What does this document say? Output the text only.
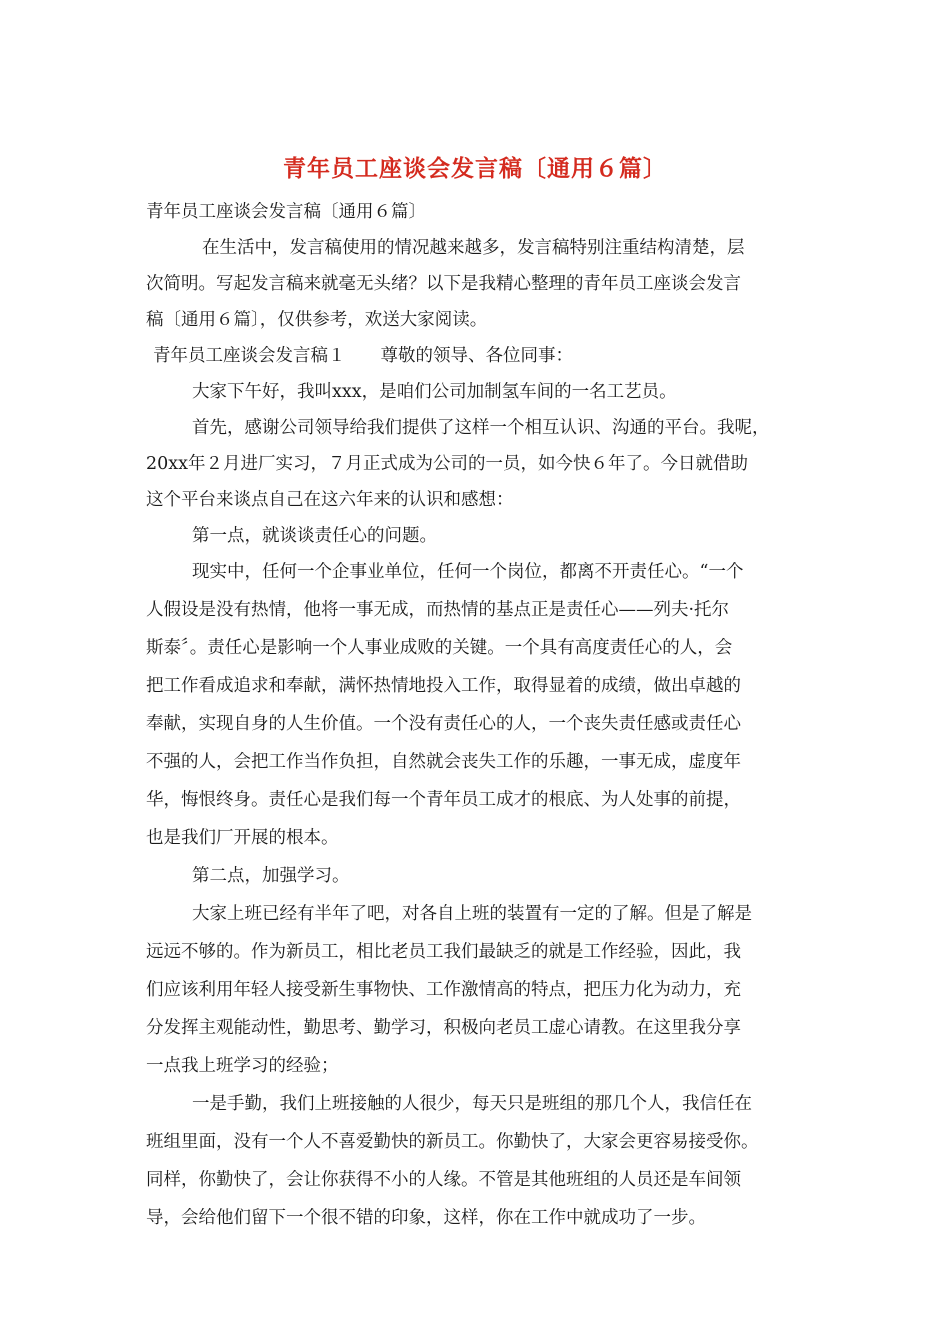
青年员工座谈会发言稿〔通用６篇〕
青年员工座谈会发言稿〔通用６篇〕
在生活中，发言稿使用的情况越来越多，发言稿特别注重结构清楚，层
次简明。写起发言稿来就毫无头绪？以下是我精心整理的青年员工座谈会发言
稿〔通用６篇〕，仅供参考，欢送大家阅读。
青年员工座谈会发言稿１　　尊敬的领导、各位同事：
大家下午好，我叫xxx，是咱们公司加制氢车间的一名工艺员。
首先，感谢公司领导给我们提供了这样一个相互认识、沟通的平台。我呢，
20xx年２月进厂实习，７月正式成为公司的一员，如今快６年了。今日就借助
这个平台来谈点自己在这六年来的认识和感想：
第一点，就谈谈责任心的问题。
现实中，任何一个企事业单位，任何一个岗位，都离不开责任心。“一个
人假设是没有热情，他将一事无成，而热情的基点正是责任心——列夫·托尔
斯泰〞。责任心是影响一个人事业成败的关键。一个具有高度责任心的人，会
把工作看成追求和奉献，满怀热情地投入工作，取得显着的成绩，做出卓越的
奉献，实现自身的人生价值。一个没有责任心的人，一个丧失责任感或责任心
不强的人，会把工作当作负担，自然就会丧失工作的乐趣，一事无成，虚度年
华，悔恨终身。责任心是我们每一个青年员工成才的根底、为人处事的前提，
也是我们厂开展的根本。
第二点，加强学习。
大家上班已经有半年了吧，对各自上班的装置有一定的了解。但是了解是
远远不够的。作为新员工，相比老员工我们最缺乏的就是工作经验，因此，我
们应该利用年轻人接受新生事物快、工作激情高的特点，把压力化为动力，充
分发挥主观能动性，勤思考、勤学习，积极向老员工虚心请教。在这里我分享
一点我上班学习的经验；
一是手勤，我们上班接触的人很少，每天只是班组的那几个人，我信任在
班组里面，没有一个人不喜爱勤快的新员工。你勤快了，大家会更容易接受你。
同样，你勤快了，会让你获得不小的人缘。不管是其他班组的人员还是车间领
导，会给他们留下一个很不错的印象，这样，你在工作中就成功了一步。
